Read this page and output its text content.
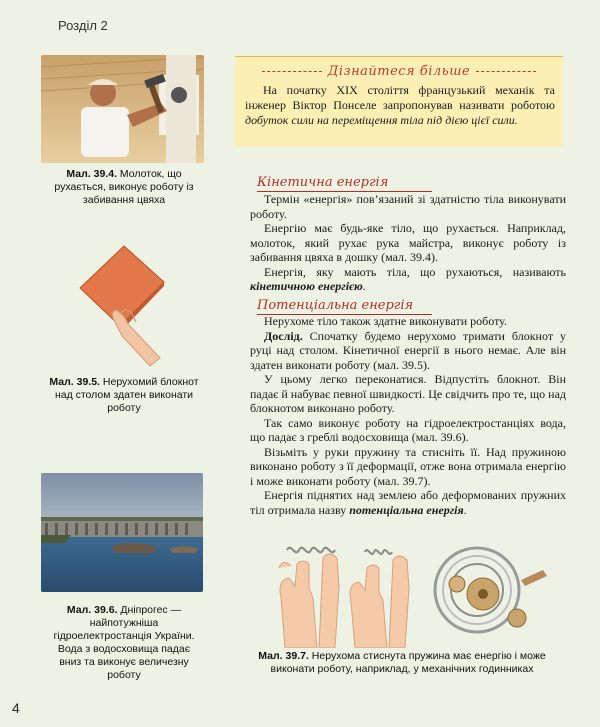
Розділ 2
Мал. 39.4. Молоток, що рухається, виконує роботу із забивання цвяха
Мал. 39.5. Нерухомий блокнот над столом здатен виконати роботу
Мал. 39.6. Дніпрогес — найпотужніша гідроелектростанція України. Вода з водосховища падає вниз та виконує величезну роботу
Дізнайтеся більше
На початку XIX століття французький механік та інженер Віктор Понселе запропонував називати роботою добуток сили на переміщення тіла під дією цієї сили.
Кінетична енергія

Термін «енергія» пов’язаний зі здатністю тіла виконувати роботу.

Енергію має будь-яке тіло, що рухається. Наприклад, молоток, який рухає рука майстра, виконує роботу із забивання цвяха в дошку (мал. 39.4).

Енергія, яку мають тіла, що рухаються, називають кінетичною енергією.

Потенціальна енергія

Нерухоме тіло також здатне виконувати роботу.

Дослід. Спочатку будемо нерухомо тримати блокнот у руці над столом. Кінетичної енергії в нього немає. Але він здатен виконати роботу (мал. 39.5).

У цьому легко переконатися. Відпустіть блокнот. Він падає й набуває певної швидкості. Це свідчить про те, що над блокнотом виконано роботу.

Так само виконує роботу на гідроелектростанціях вода, що падає з греблі водосховища (мал. 39.6).

Візьміть у руки пружину та стисніть її. Над пружиною виконано роботу з її деформації, отже вона отримала енергію і може виконати роботу (мал. 39.7).

Енергія піднятих над землею або деформованих пружних тіл отримала назву потенціальна енергія.

Мал. 39.7. Нерухома стиснута пружина має енергію і може виконати роботу, наприклад, у механічних годинниках
4
